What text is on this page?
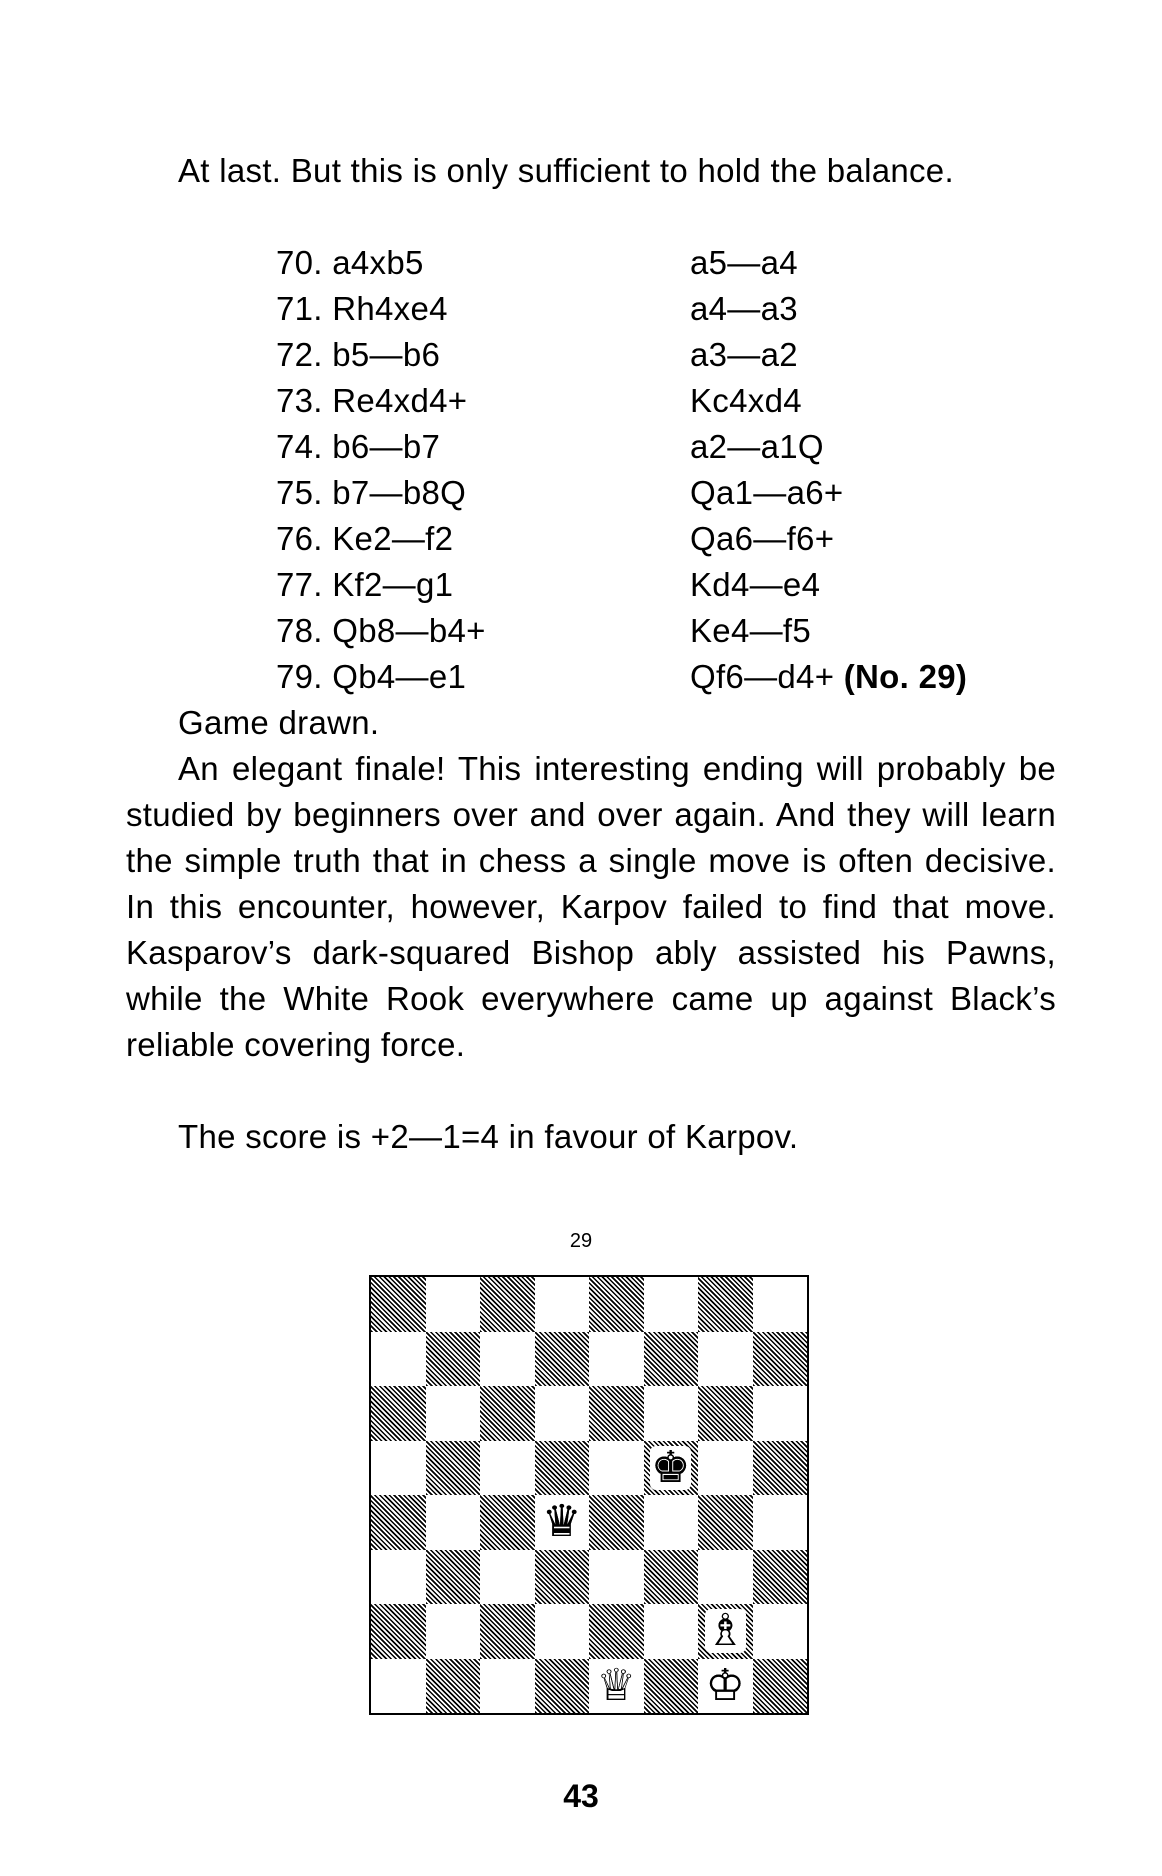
At last. But this is only sufficient to hold the balance.

70. a4xb5	a5—a4
71. Rh4xe4	a4—a3
72. b5—b6	a3—a2
73. Re4xd4+	Kc4xd4
74. b6—b7	a2—a1Q
75. b7—b8Q	Qa1—a6+
76. Ke2—f2	Qa6—f6+
77. Kf2—g1	Kd4—e4
78. Qb8—b4+	Ke4—f5
79. Qb4—e1	Qf6—d4+ (No. 29)

Game drawn.

An elegant finale! This interesting ending will probably be studied by beginners over and over again. And they will learn the simple truth that in chess a single move is often decisive. In this encounter, however, Karpov failed to find that move. Kasparov’s dark-squared Bishop ably assisted his Pawns, while the White Rook everywhere came up against Black’s reliable covering force.

The score is +2—1=4 in favour of Karpov.

29
♚
♛
♗
♕ ♔
43
